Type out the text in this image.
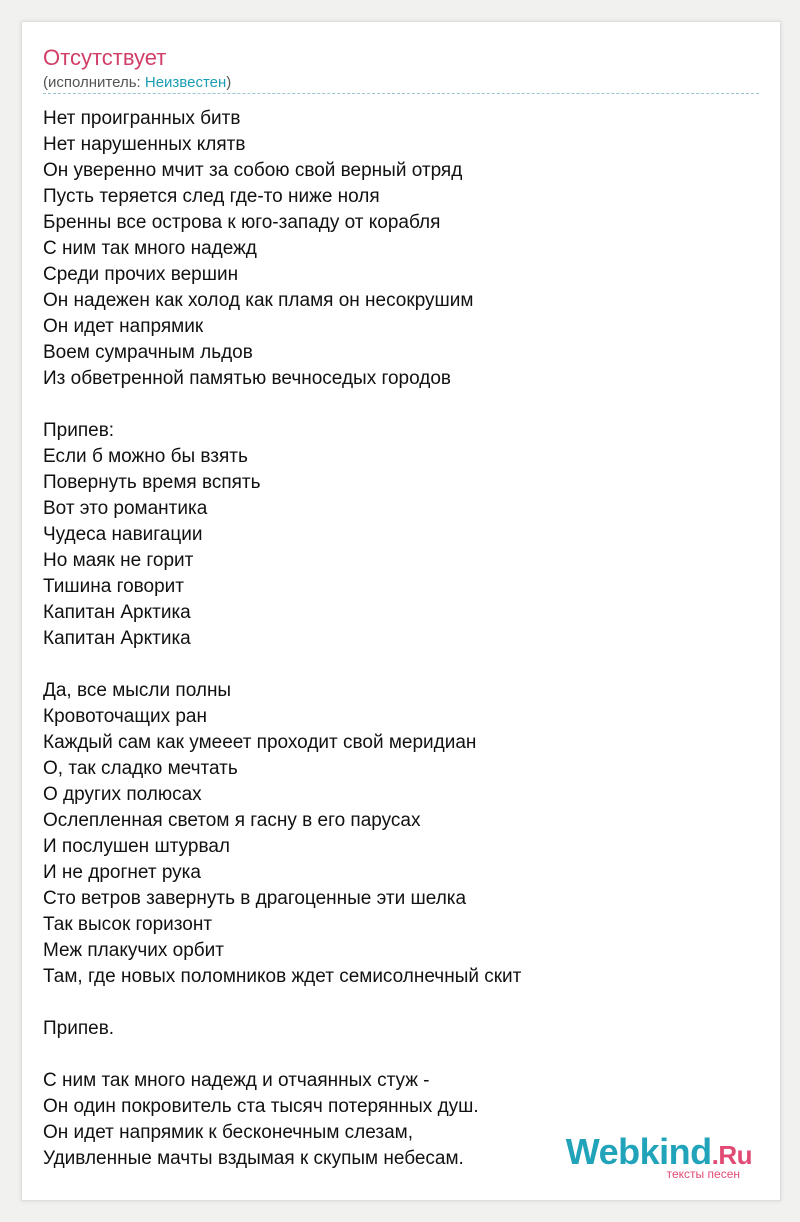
Отсутствует
(исполнитель: Неизвестен)
Нет проигранных битв
Нет нарушенных клятв
Он уверенно мчит за собою свой верный отряд
Пусть теряется след где-то ниже ноля
Бренны все острова к юго-западу от корабля
С ним так много надежд
Среди прочих вершин
Он надежен как холод как пламя он несокрушим
Он идет напрямик
Воем сумрачным льдов
Из обветренной памятью вечноседых городов
Припев:
Если б можно бы взять
Повернуть время вспять
Вот это романтика
Чудеса навигации
Но маяк не горит
Тишина говорит
Капитан Арктика
Капитан Арктика
Да, все мысли полны
Кровоточащих ран
Каждый сам как умееет проходит свой меридиан
О, так сладко мечтать
О других полюсах
Ослепленная светом я гасну в его парусах
И послушен штурвал
И не дрогнет рука
Сто ветров завернуть в драгоценные эти шелка
Так высок горизонт
Меж плакучих орбит
Там, где новых поломников ждет семисолнечный скит
Припев.
С ним так много надежд и отчаянных стуж -
Он один покровитель ста тысяч потерянных душ.
Он идет напрямик к бесконечным слезам,
Удивленные мачты вздымая к скупым небесам.	Webkind.Ru
тексты песен
